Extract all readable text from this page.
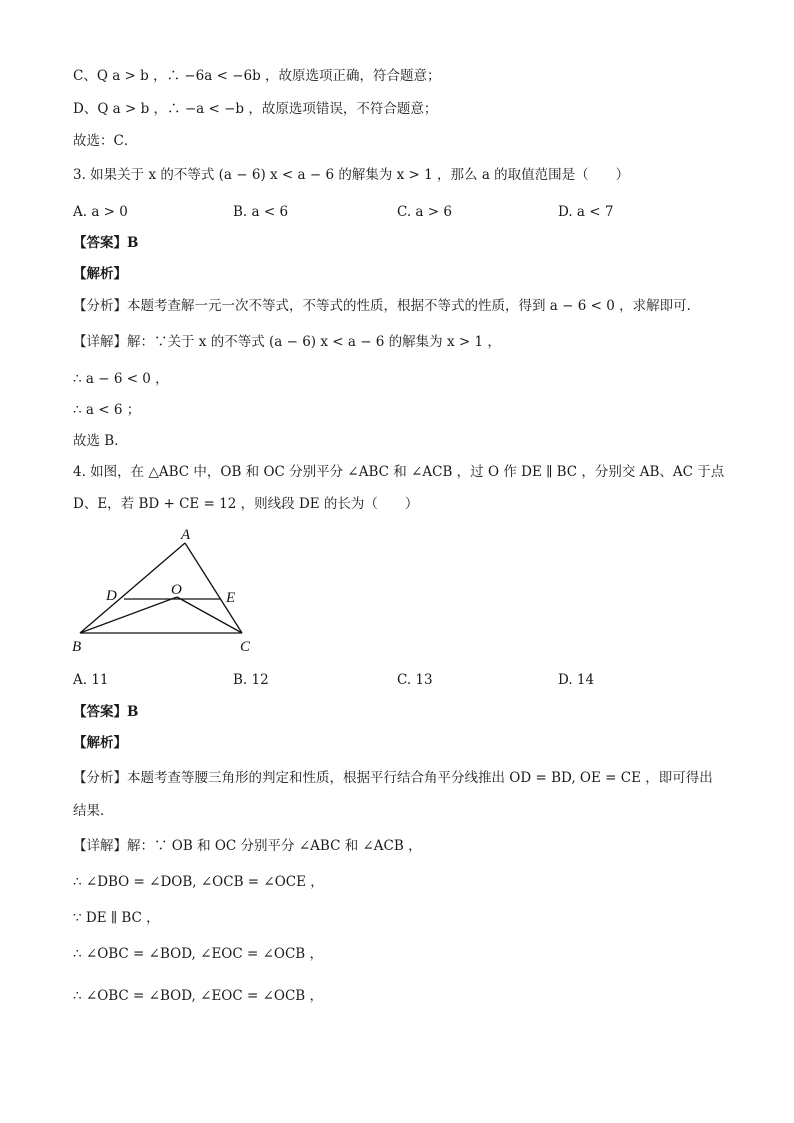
C、Q a > b ，∴ −6a < −6b ，故原选项正确，符合题意；
D、Q a > b ，∴ −a < −b ，故原选项错误，不符合题意；
故选：C．
3. 如果关于 x 的不等式 (a − 6) x < a − 6 的解集为 x > 1 ，那么 a 的取值范围是（　　）
A. a > 0	B. a < 6	C. a > 6	D. a < 7
【答案】B
【解析】
【分析】本题考查解一元一次不等式，不等式的性质，根据不等式的性质，得到 a − 6 < 0 ，求解即可．
【详解】解：∵关于 x 的不等式 (a − 6) x < a − 6 的解集为 x > 1 ，
∴ a − 6 < 0 ，
∴ a < 6 ；
故选 B．
4. 如图，在 △ABC 中，OB 和 OC 分别平分 ∠ABC 和 ∠ACB ，过 O 作 DE ∥ BC ，分别交 AB、AC 于点
D、E，若 BD + CE = 12 ，则线段 DE 的长为（　　）
A
B	C
D	E
O
A. 11	B. 12	C. 13	D. 14
【答案】B
【解析】
【分析】本题考查等腰三角形的判定和性质，根据平行结合角平分线推出 OD = BD, OE = CE ，即可得出
结果．
【详解】解：∵ OB 和 OC 分别平分 ∠ABC 和 ∠ACB ，
∴ ∠DBO = ∠DOB, ∠OCB = ∠OCE ，
∵ DE ∥ BC ，
∴ ∠OBC = ∠BOD, ∠EOC = ∠OCB ，
∴ ∠OBC = ∠BOD, ∠EOC = ∠OCB ，
